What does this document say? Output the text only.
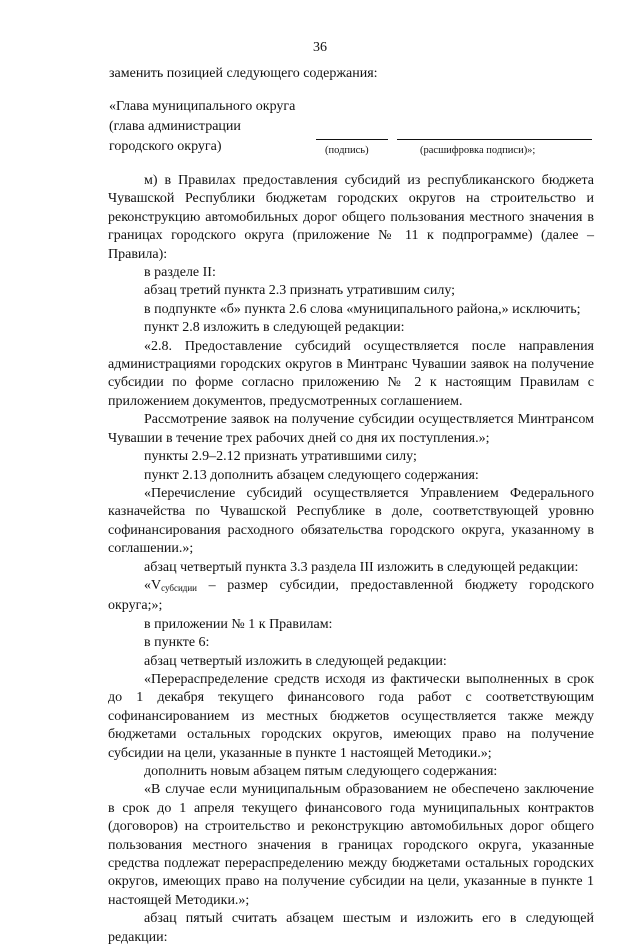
36
заменить позицией следующего содержания:
«Глава муниципального округа
(глава администрации
городского округа)	(подпись)	(расшифровка подписи)»;

м) в Правилах предоставления субсидий из республиканского бюджета Чувашской Республики бюджетам городских округов на строительство и реконструкцию автомобильных дорог общего пользования местного значения в границах городского округа (приложение № 11 к подпрограмме) (далее – Правила):

в разделе II:

абзац третий пункта 2.3 признать утратившим силу;

в подпункте «б» пункта 2.6 слова «муниципального района,» исключить;

пункт 2.8 изложить в следующей редакции:

«2.8. Предоставление субсидий осуществляется после направления администрациями городских округов в Минтранс Чувашии заявок на получение субсидии по форме согласно приложению № 2 к настоящим Правилам с приложением документов, предусмотренных соглашением.

Рассмотрение заявок на получение субсидии осуществляется Минтрансом Чувашии в течение трех рабочих дней со дня их поступления.»;

пункты 2.9–2.12 признать утратившими силу;

пункт 2.13 дополнить абзацем следующего содержания:

«Перечисление субсидий осуществляется Управлением Федерального казначейства по Чувашской Республике в доле, соответствующей уровню софинансирования расходного обязательства городского округа, указанному в соглашении.»;

абзац четвертый пункта 3.3 раздела III изложить в следующей редакции:

«$V_{субсидии}$ – размер субсидии, предоставленной бюджету городского округа;»;

в приложении № 1 к Правилам:

в пункте 6:

абзац четвертый изложить в следующей редакции:

«Перераспределение средств исходя из фактически выполненных в срок до 1 декабря текущего финансового года работ с соответствующим софинансированием из местных бюджетов осуществляется также между бюджетами остальных городских округов, имеющих право на получение субсидии на цели, указанные в пункте 1 настоящей Методики.»;

дополнить новым абзацем пятым следующего содержания:

«В случае если муниципальным образованием не обеспечено заключение в срок до 1 апреля текущего финансового года муниципальных контрактов (договоров) на строительство и реконструкцию автомобильных дорог общего пользования местного значения в границах городского округа, указанные средства подлежат перераспределению между бюджетами остальных городских округов, имеющих право на получение субсидии на цели, указанные в пункте 1 настоящей Методики.»;

абзац пятый считать абзацем шестым и изложить его в следующей редакции:
